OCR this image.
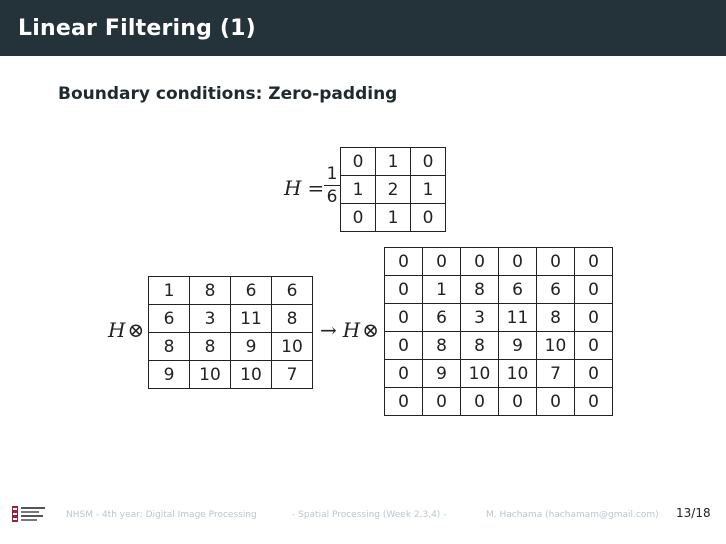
Linear Filtering (1)
Boundary conditions: Zero-padding
H =
1
6
0	1	0
1	2	1
0	1	0
H ⊗
1	8	6	6
6	3	11	8
8	8	9	10
9	10	10	7
→ H ⊗
0	0	0	0	0	0
0	1	8	6	6	0
0	6	3	11	8	0
0	8	8	9	10	0
0	9	10	10	7	0
0	0	0	0	0	0
NHSM - 4th year: Digital Image Processing	- Spatial Processing (Week 2,3,4) -	M. Hachama (hachamam@gmail.com) 13/18
